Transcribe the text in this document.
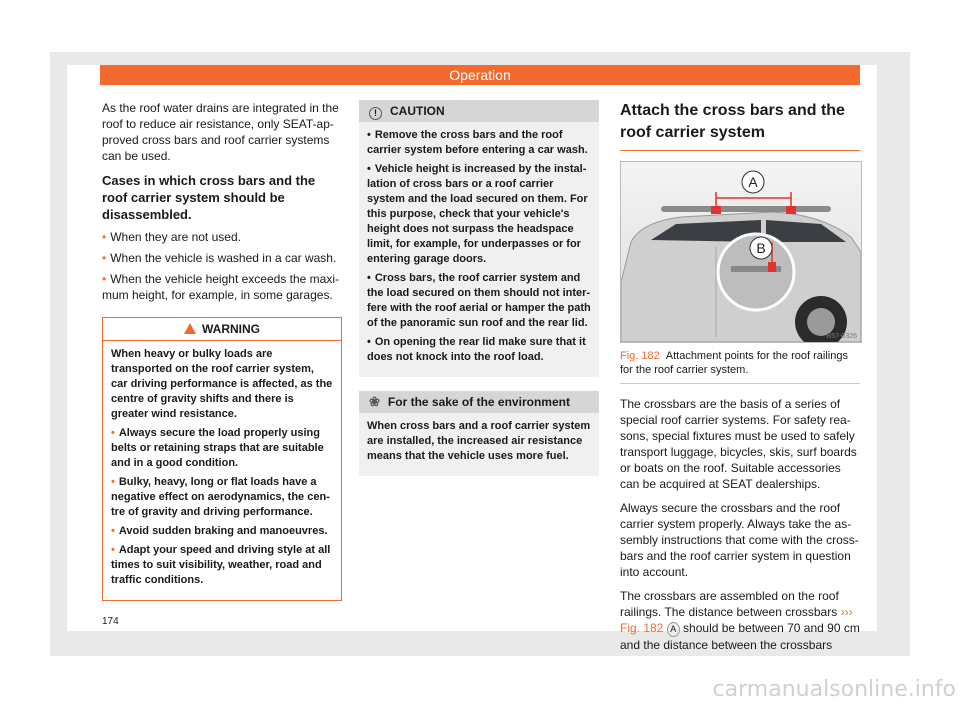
Operation

As the roof water drains are integrated in the roof to reduce air resistance, only SEAT-approved cross bars and roof carrier systems can be used.

Cases in which cross bars and the roof carrier system should be disassembled.
• When they are not used.
• When the vehicle is washed in a car wash.
• When the vehicle height exceeds the maximum height, for example, in some garages.
WARNING

When heavy or bulky loads are transported on the roof carrier system, car driving performance is affected, as the centre of gravity shifts and there is greater wind resistance.

• Always secure the load properly using belts or retaining straps that are suitable and in a good condition.
• Bulky, heavy, long or flat loads have a negative effect on aerodynamics, the centre of gravity and driving performance.
• Avoid sudden braking and manoeuvres.
• Adapt your speed and driving style at all times to suit visibility, weather, road and traffic conditions.
! CAUTION
• Remove the cross bars and the roof carrier system before entering a car wash.
• Vehicle height is increased by the installation of cross bars or a roof carrier system and the load secured on them. For this purpose, check that your vehicle's height does not surpass the headspace limit, for example, for underpasses or for entering garage doors.
• Cross bars, the roof carrier system and the load secured on them should not interfere with the roof aerial or hamper the path of the panoramic sun roof and the rear lid.
• On opening the rear lid make sure that it does not knock into the roof load.
❀ For the sake of the environment

When cross bars and a roof carrier system are installed, the increased air resistance means that the vehicle uses more fuel.

Attach the cross bars and the roof carrier system
A
B
B57-0326
Fig. 182 Attachment points for the roof railings for the roof carrier system.

The crossbars are the basis of a series of special roof carrier systems. For safety reasons, special fixtures must be used to safely transport luggage, bicycles, skis, surf boards or boats on the roof. Suitable accessories can be acquired at SEAT dealerships.

Always secure the crossbars and the roof carrier system properly. Always take the assembly instructions that come with the crossbars and the roof carrier system in question into account.

The crossbars are assembled on the roof railings. The distance between crossbars ››› Fig. 182 A should be between 70 and 90 cm and the distance between the crossbars

174
carmanualsonline.info
